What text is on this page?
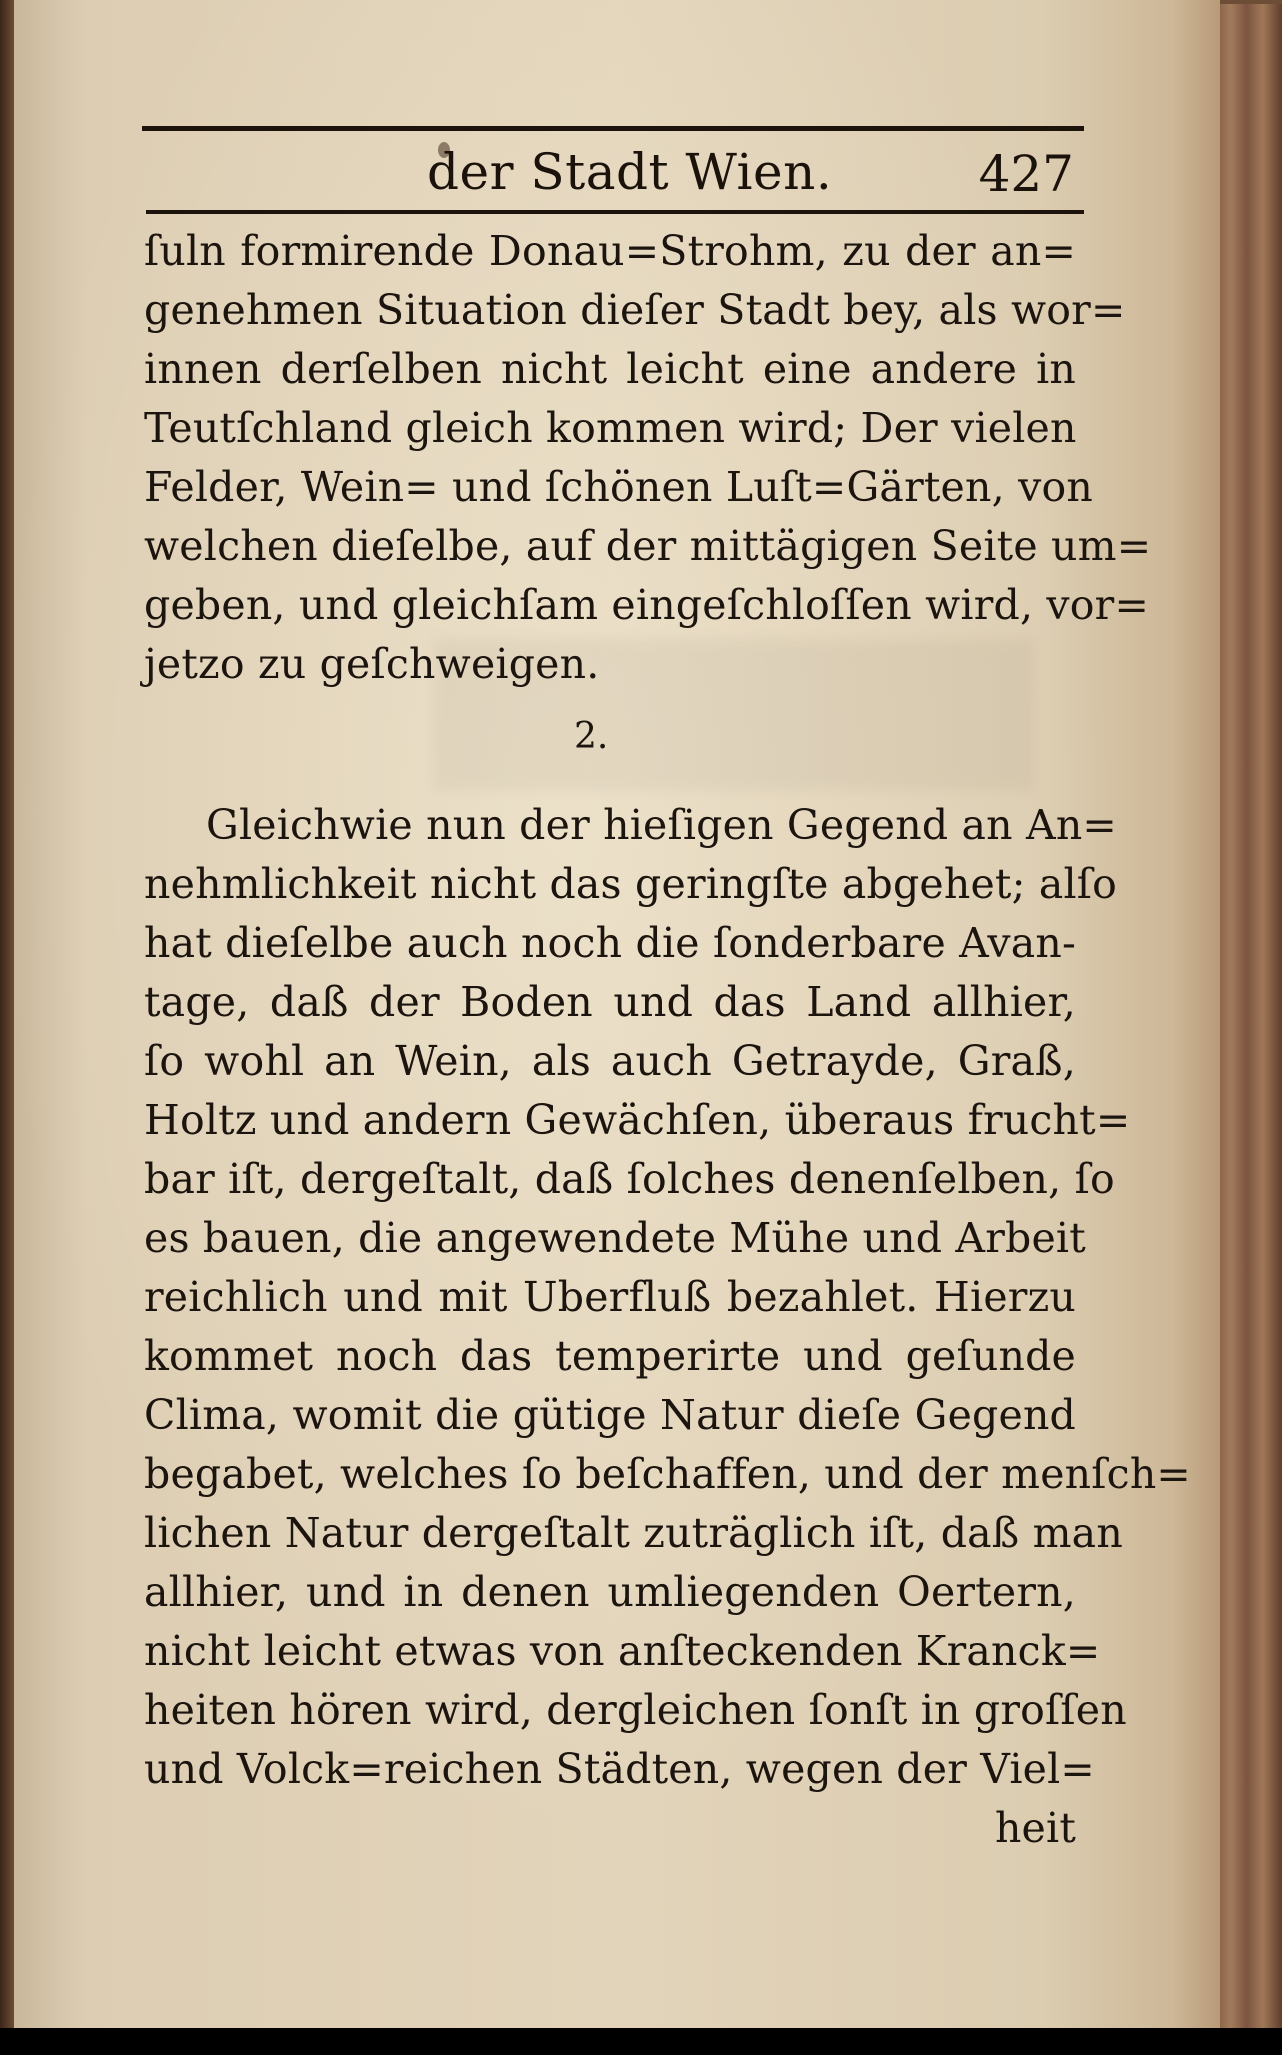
der Stadt Wien.	427
ſuln formirende Donau=Strohm, zu der an=
genehmen Situation dieſer Stadt bey, als wor=
innen derſelben nicht leicht eine andere in
Teutſchland gleich kommen wird; Der vielen
Felder, Wein= und ſchönen Luſt=Gärten, von
welchen dieſelbe, auf der mittägigen Seite um=
geben, und gleichſam eingeſchloſſen wird, vor=
jetzo zu geſchweigen.
2.
Gleichwie nun der hieſigen Gegend an An=
nehmlichkeit nicht das geringſte abgehet; alſo
hat dieſelbe auch noch die ſonderbare Avan-
tage, daß der Boden und das Land allhier,
ſo wohl an Wein, als auch Getrayde, Graß,
Holtz und andern Gewächſen, überaus frucht=
bar iſt, dergeſtalt, daß ſolches denenſelben, ſo
es bauen, die angewendete Mühe und Arbeit
reichlich und mit Uberfluß bezahlet. Hierzu
kommet noch das temperirte und geſunde
Clima, womit die gütige Natur dieſe Gegend
begabet, welches ſo beſchaffen, und der menſch=
lichen Natur dergeſtalt zuträglich iſt, daß man
allhier, und in denen umliegenden Oertern,
nicht leicht etwas von anſteckenden Kranck=
heiten hören wird, dergleichen ſonſt in groſſen
und Volck=reichen Städten, wegen der Viel=
heit
